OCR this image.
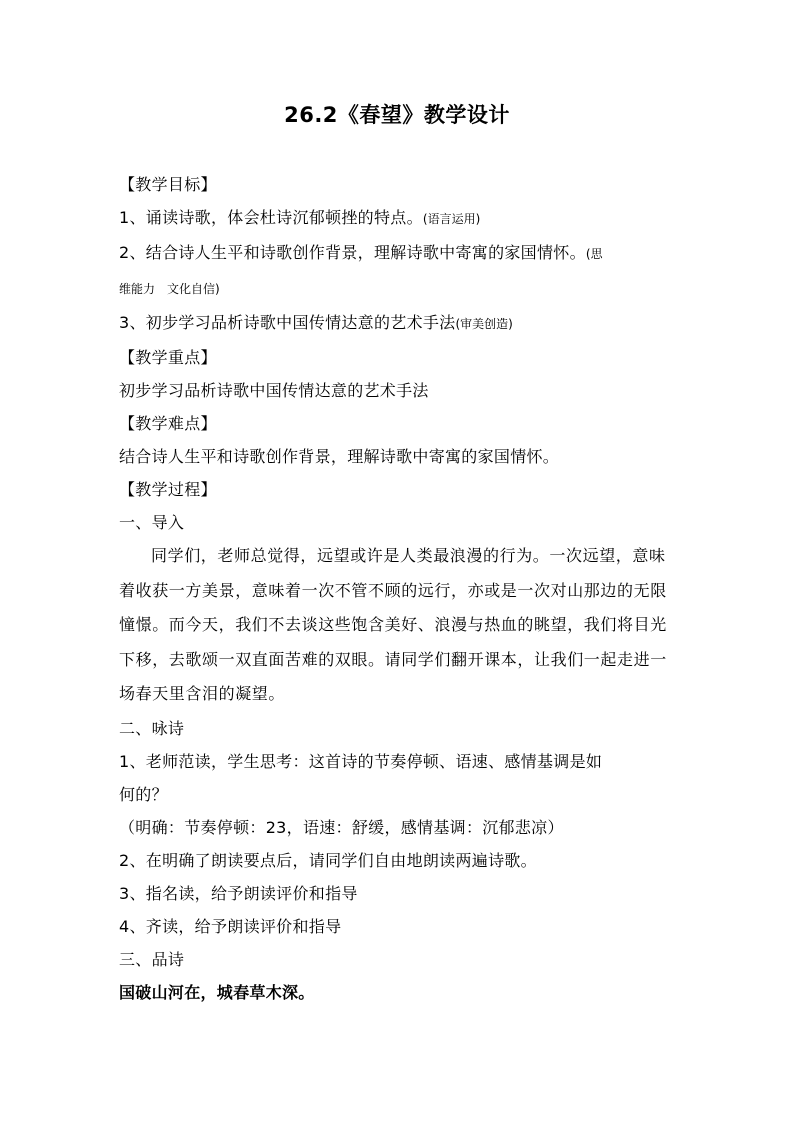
26.2《春望》教学设计
【教学目标】
1、诵读诗歌，体会杜诗沉郁顿挫的特点。(语言运用)
2、结合诗人生平和诗歌创作背景，理解诗歌中寄寓的家国情怀。(思
维能力　文化自信)
3、初步学习品析诗歌中国传情达意的艺术手法(审美创造)
【教学重点】
初步学习品析诗歌中国传情达意的艺术手法
【教学难点】
结合诗人生平和诗歌创作背景，理解诗歌中寄寓的家国情怀。
【教学过程】
一、导入
同学们，老师总觉得，远望或许是人类最浪漫的行为。一次远望，意味着收获一方美景，意味着一次不管不顾的远行，亦或是一次对山那边的无限憧憬。而今天，我们不去谈这些饱含美好、浪漫与热血的眺望，我们将目光下移，去歌颂一双直面苦难的双眼。请同学们翻开课本，让我们一起走进一场春天里含泪的凝望。
二、咏诗
1、老师范读，学生思考：这首诗的节奏停顿、语速、感情基调是如
何的？
（明确：节奏停顿：23，语速：舒缓，感情基调：沉郁悲凉）
2、在明确了朗读要点后，请同学们自由地朗读两遍诗歌。
3、指名读，给予朗读评价和指导
4、齐读，给予朗读评价和指导
三、品诗
国破山河在，城春草木深。
